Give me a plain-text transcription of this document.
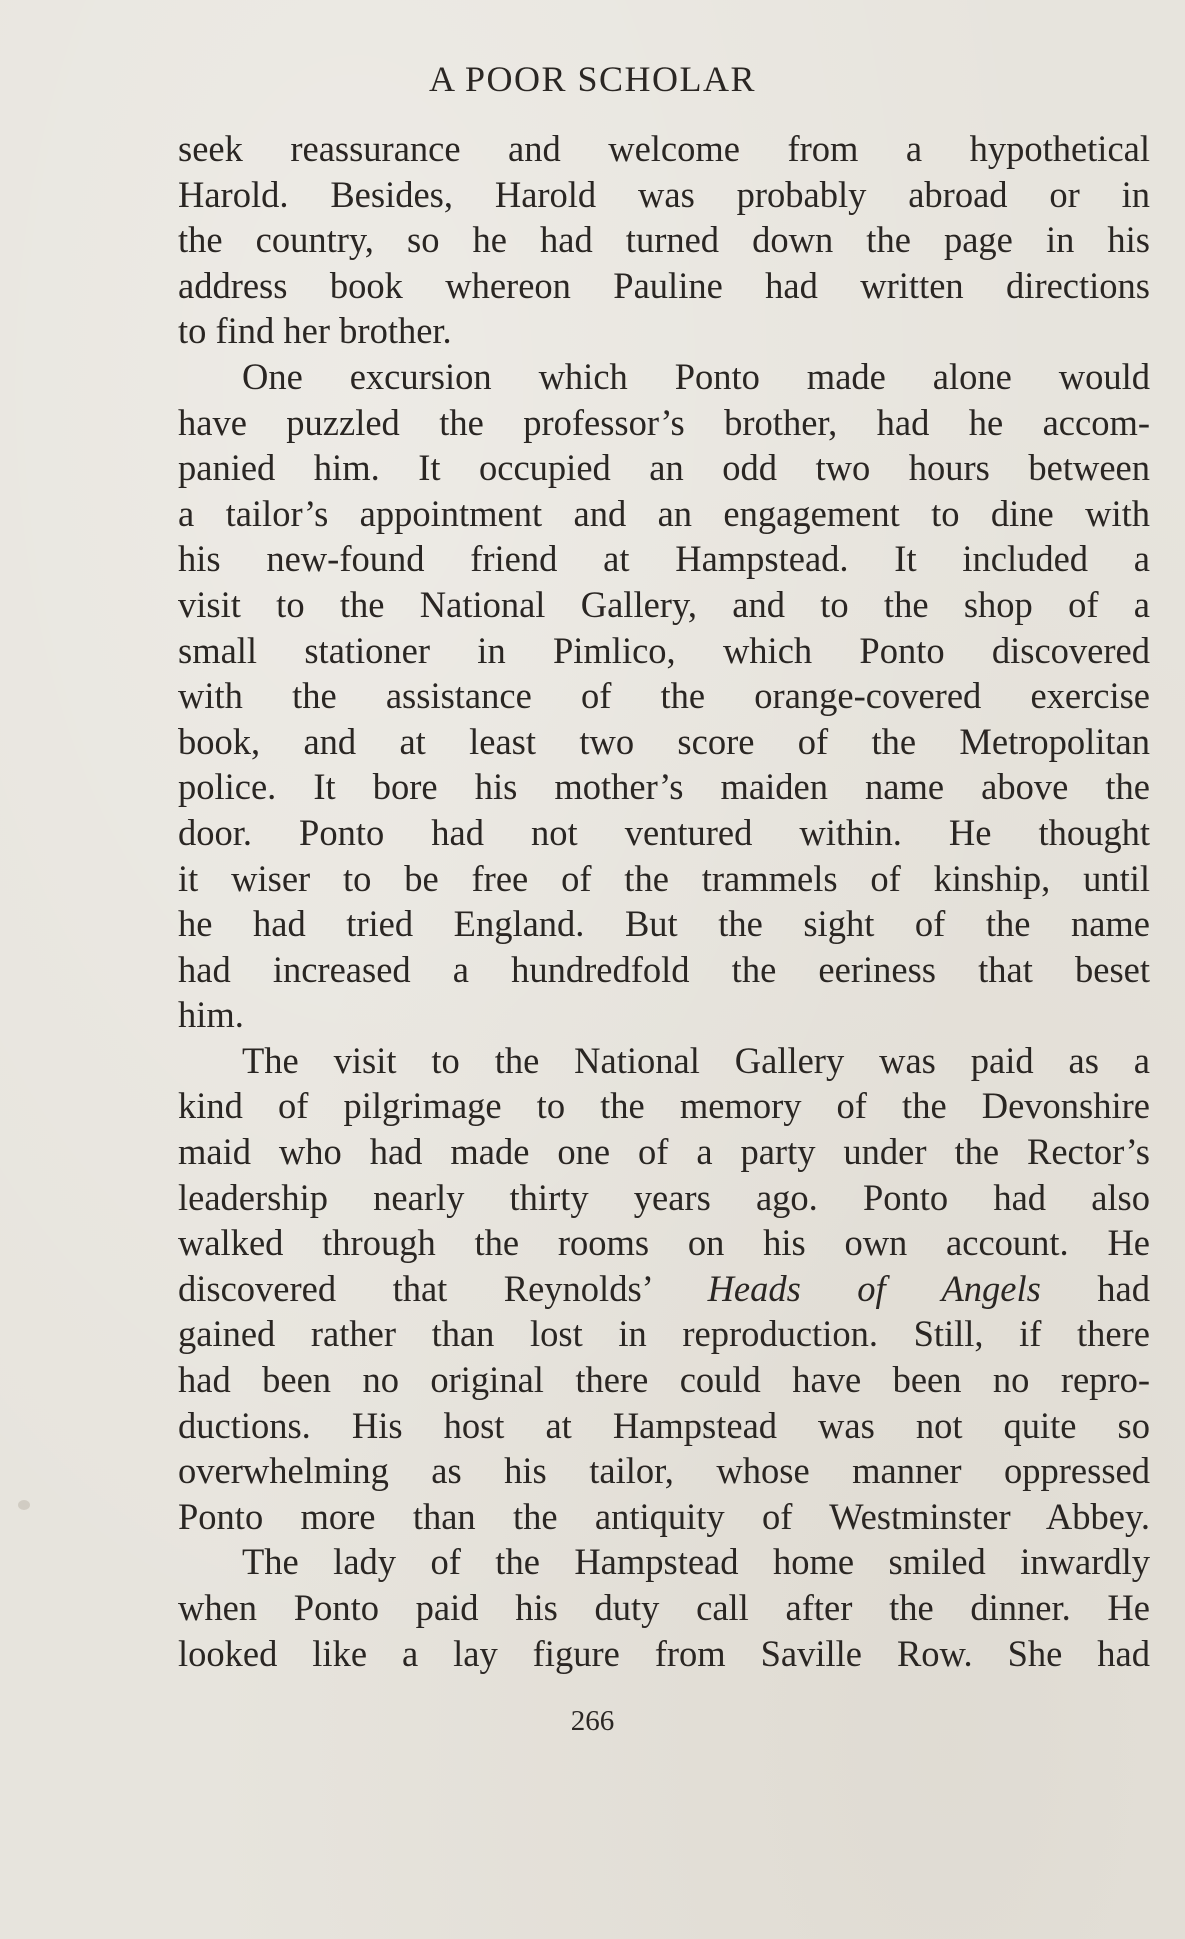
A POOR SCHOLAR
seek reassurance and welcome from a hypothetical
Harold. Besides, Harold was probably abroad or in
the country, so he had turned down the page in his
address book whereon Pauline had written directions
to find her brother.
One excursion which Ponto made alone would
have puzzled the professor’s brother, had he accom-
panied him. It occupied an odd two hours between
a tailor’s appointment and an engagement to dine with
his new-found friend at Hampstead. It included a
visit to the National Gallery, and to the shop of a
small stationer in Pimlico, which Ponto discovered
with the assistance of the orange-covered exercise
book, and at least two score of the Metropolitan
police. It bore his mother’s maiden name above the
door. Ponto had not ventured within. He thought
it wiser to be free of the trammels of kinship, until
he had tried England. But the sight of the name
had increased a hundredfold the eeriness that beset
him.
The visit to the National Gallery was paid as a
kind of pilgrimage to the memory of the Devonshire
maid who had made one of a party under the Rector’s
leadership nearly thirty years ago. Ponto had also
walked through the rooms on his own account. He
discovered that Reynolds’ Heads of Angels had
gained rather than lost in reproduction. Still, if there
had been no original there could have been no repro-
ductions. His host at Hampstead was not quite so
overwhelming as his tailor, whose manner oppressed
Ponto more than the antiquity of Westminster Abbey.
The lady of the Hampstead home smiled inwardly
when Ponto paid his duty call after the dinner. He
looked like a lay figure from Saville Row. She had
266
